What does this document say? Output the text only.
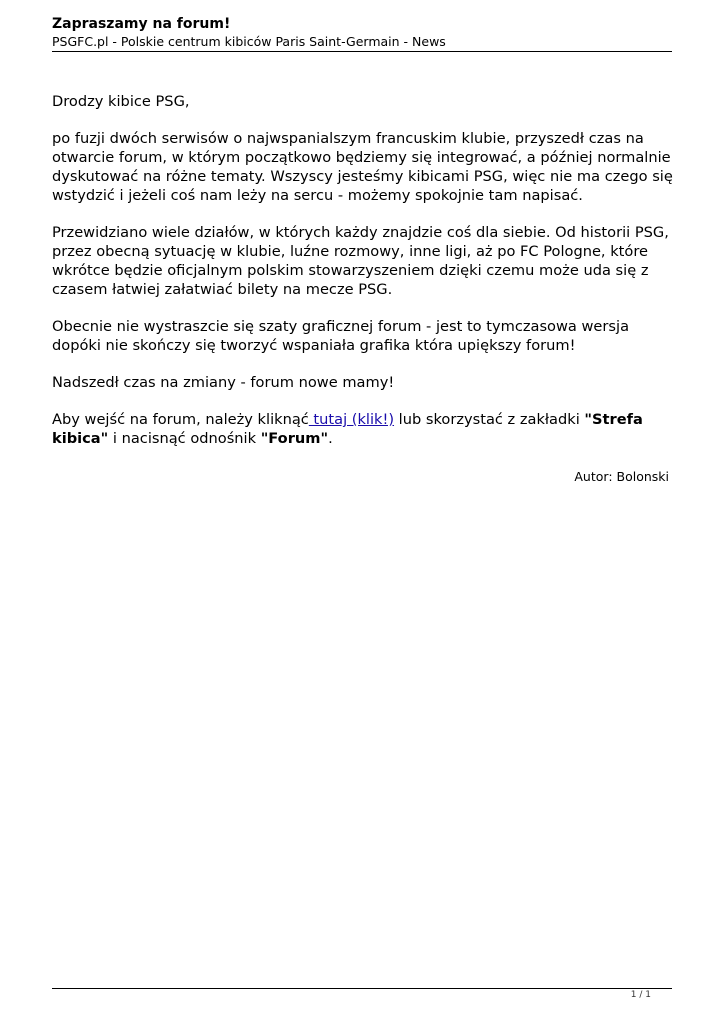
Zapraszamy na forum!
PSGFC.pl - Polskie centrum kibiców Paris Saint-Germain - News

Drodzy kibice PSG,

po fuzji dwóch serwisów o najwspanialszym francuskim klubie, przyszedł czas na otwarcie forum, w którym początkowo będziemy się integrować, a później normalnie dyskutować na różne tematy. Wszyscy jesteśmy kibicami PSG, więc nie ma czego się wstydzić i jeżeli coś nam leży na sercu - możemy spokojnie tam napisać.

Przewidziano wiele działów, w których każdy znajdzie coś dla siebie. Od historii PSG, przez obecną sytuację w klubie, luźne rozmowy, inne ligi, aż po FC Pologne, które wkrótce będzie oficjalnym polskim stowarzyszeniem dzięki czemu może uda się z czasem łatwiej załatwiać bilety na mecze PSG.

Obecnie nie wystraszcie się szaty graficznej forum - jest to tymczasowa wersja dopóki nie skończy się tworzyć wspaniała grafika która upiększy forum!

Nadszedł czas na zmiany - forum nowe mamy!

Aby wejść na forum, należy kliknąć tutaj (klik!) lub skorzystać z zakładki "Strefa kibica" i nacisnąć odnośnik "Forum".

Autor: Bolonski
1 / 1
